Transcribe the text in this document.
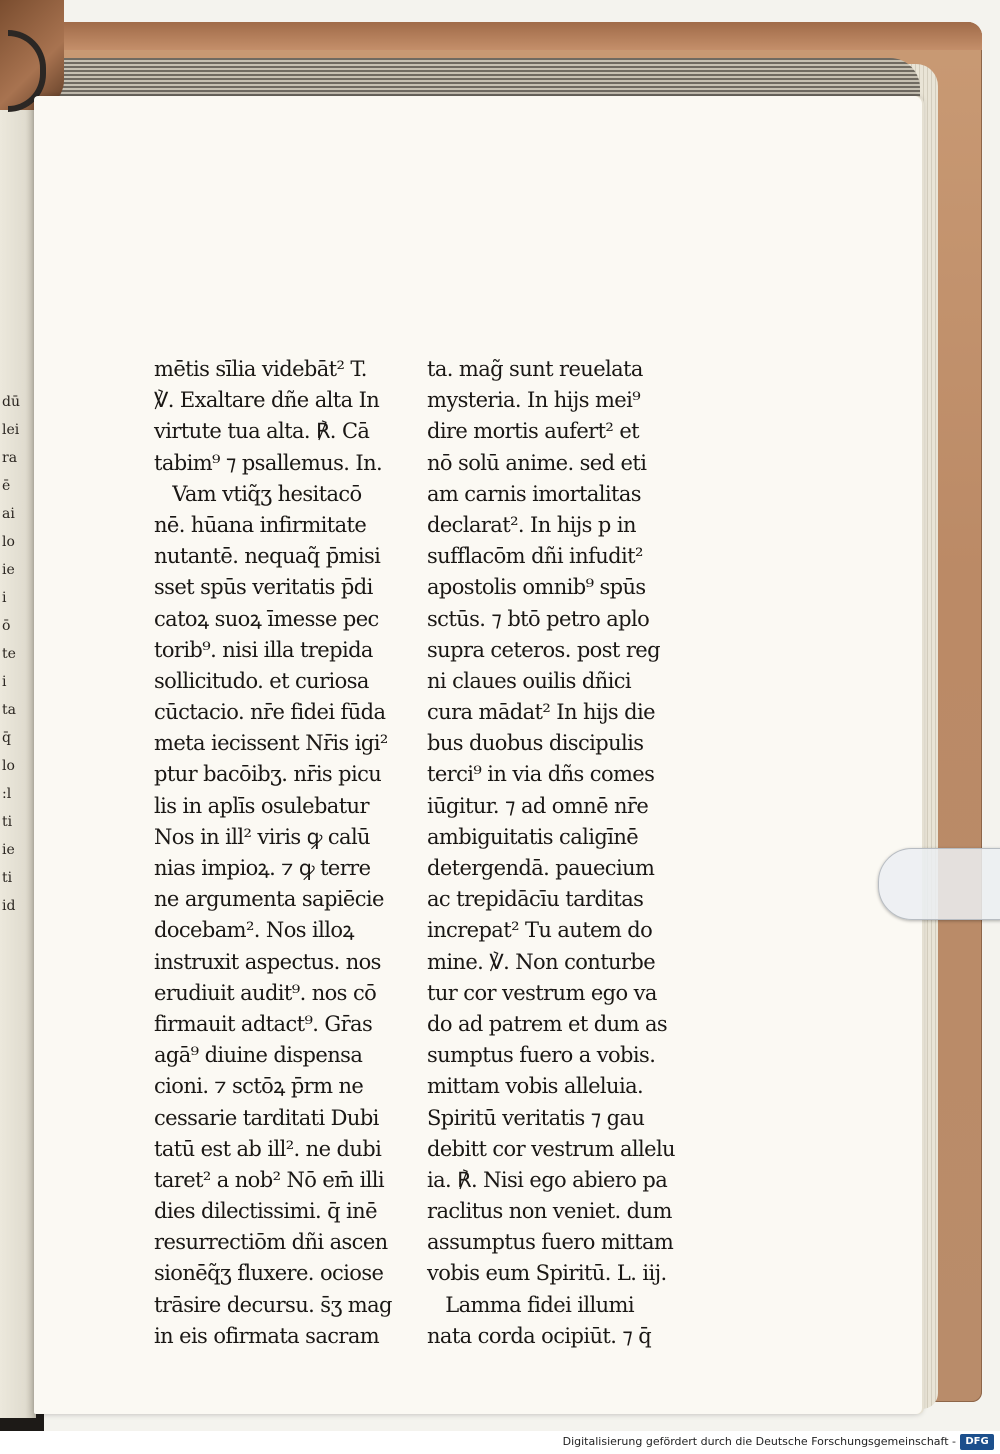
dū
lei
ra
ē
ai
lo
ie
i
ō
te
i
ta
q̄
lo
:l
ti
ie
ti
id
mētis sīlia videbāt² T.
℣. Exaltare dñe alta In
virtute tua alta. ℟. Cā
tabim⁹ ⁊ psallemus. In.
Vam vtiq̃ʒ hesitacō
nē. hūana infirmitate
nutantē. nequaq̃ p̄misi
sset spūs veritatis p̄di
catoꝝ suoꝝ īmesse pec
torib⁹. nisi illa trepida
sollicitudo. et curiosa
cūctacio. nr̄e fidei fūda
meta iecissent Nr̄is igi²
ptur bacōibʒ. nr̄is picu
lis in aplīs osulebatur
Nos in ill² viris ꝙ calū
nias impioꝝ. ⁊ ꝙ terre
ne argumenta sapiēcie
docebam². Nos illoꝝ
instruxit aspectus. nos
erudiuit audit⁹. nos cō
firmauit adtact⁹. Gr̄as
agā⁹ diuine dispensa
cioni. ⁊ sctōꝝ p̄rm ne
cessarie tarditati Dubi
tatū est ab ill². ne dubi
taret² a nob² Nō em̄ illi
dies dilectissimi. q̄ inē
resurrectiōm dñi ascen
sionēq̃ʒ fluxere. ociose
trāsire decursu. s̄ʒ mag
in eis ofirmata sacram
ta. mag̃ sunt reuelata
mysteria. In hijs mei⁹
dire mortis aufert² et
nō solū anime. sed eti
am carnis imortalitas
declarat². In hijs p in
sufflacōm dñi infudit²
apostolis omnib⁹ spūs
sctūs. ⁊ btō petro aplo
supra ceteros. post reg
ni claues ouilis dñici
cura mādat² In hijs die
bus duobus discipulis
terci⁹ in via dñs comes
iūgitur. ⁊ ad omnē nr̄e
ambiguitatis caligīnē
detergendā. pauecium
ac trepidācīu tarditas
increpat² Tu autem do
mine. ℣. Non conturbe
tur cor vestrum ego va
do ad patrem et dum as
sumptus fuero a vobis.
mittam vobis alleluia.
Spiritū veritatis ⁊ gau
debitt cor vestrum allelu
ia. ℟. Nisi ego abiero pa
raclitus non veniet. dum
assumptus fuero mittam
vobis eum Spiritū. L. iij.
Lamma fidei illumi
nata corda ocipiūt. ⁊ q̄
Digitalisierung gefördert durch die Deutsche Forschungsgemeinschaft - DFG
